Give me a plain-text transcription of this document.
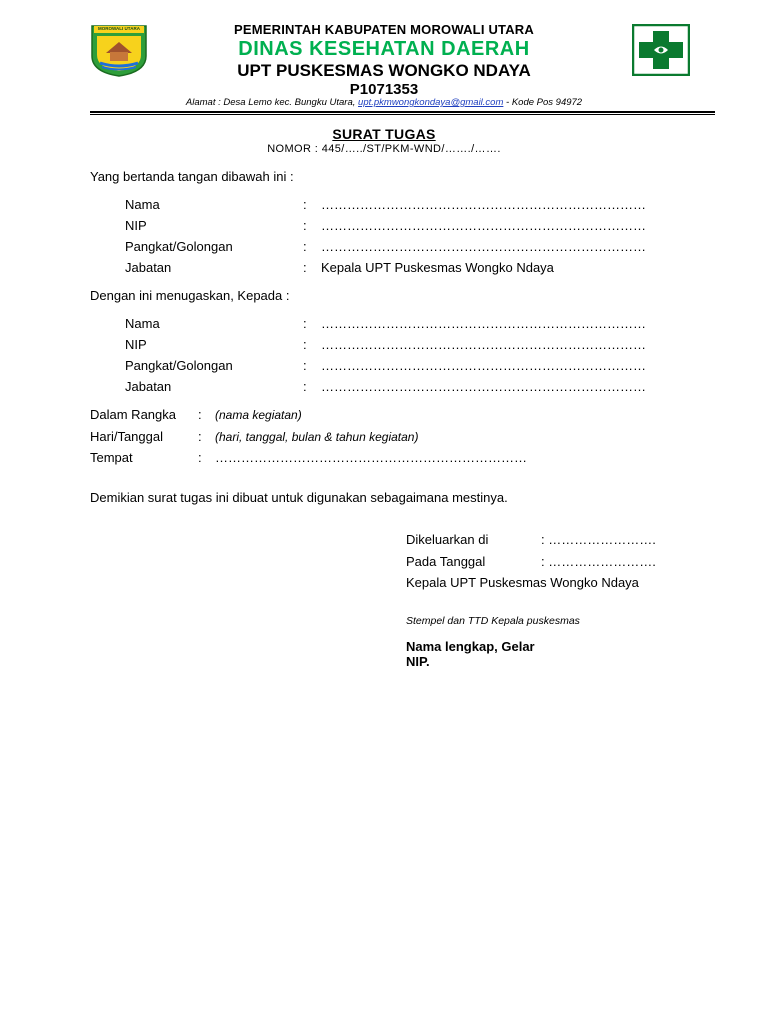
MOROWALI UTARA	PEMERINTAH KABUPATEN MOROWALI UTARA
DINAS KESEHATAN DAERAH
UPT PUSKESMAS WONGKO NDAYA
P1071353
Alamat : Desa Lemo kec. Bungku Utara, upt.pkmwongkondaya@gmail.com - Kode Pos 94972
SURAT TUGAS
NOMOR : 445/…../ST/PKM-WND/……./…….
Yang bertanda tangan dibawah ini :
Nama	: …………………………………………………………………
NIP	: …………………………………………………………………
Pangkat/Golongan	: …………………………………………………………………
Jabatan	: Kepala UPT Puskesmas Wongko Ndaya
Dengan ini menugaskan, Kepada :
Nama	: …………………………………………………………………
NIP	: …………………………………………………………………
Pangkat/Golongan	: …………………………………………………………………
Jabatan	: …………………………………………………………………
Dalam Rangka : (nama kegiatan)
Hari/Tanggal	: (hari, tanggal, bulan & tahun kegiatan)
Tempat	: ………………………………………………………………
Demikian surat tugas ini dibuat untuk digunakan sebagaimana mestinya.
Dikeluarkan di	: …………………….
Pada Tanggal	: …………………….
Kepala UPT Puskesmas Wongko Ndaya
Stempel dan TTD Kepala puskesmas
Nama lengkap, Gelar
NIP.
